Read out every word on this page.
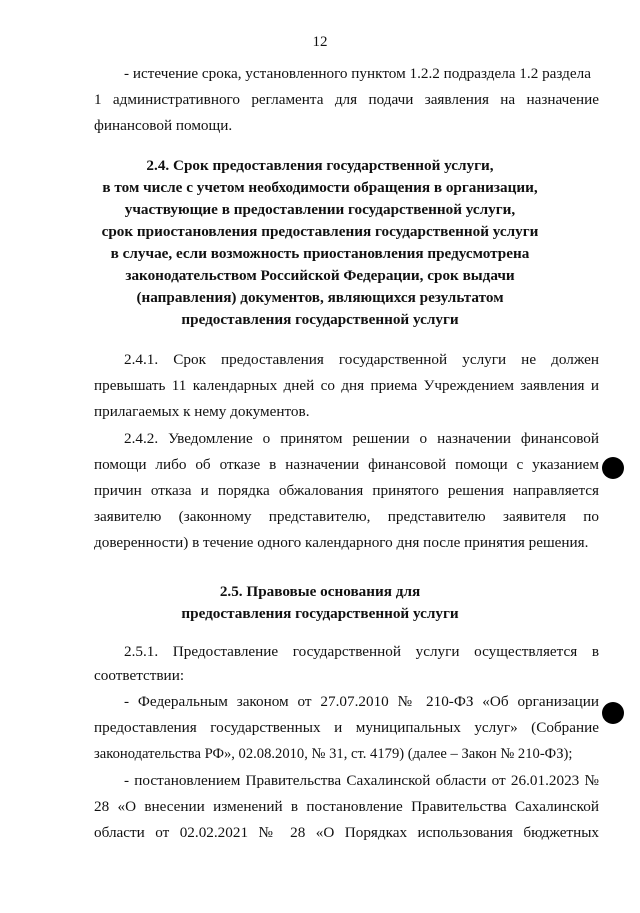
12
- истечение срока, установленного пунктом 1.2.2 подраздела 1.2 раздела
1 административного регламента для подачи заявления на назначение
финансовой помощи.
2.4. Срок предоставления государственной услуги,
в том числе с учетом необходимости обращения в организации,
участвующие в предоставлении государственной услуги,
срок приостановления предоставления государственной услуги
в случае, если возможность приостановления предусмотрена
законодательством Российской Федерации, срок выдачи
(направления) документов, являющихся результатом
предоставления государственной услуги
2.4.1. Срок предоставления государственной услуги не должен
превышать 11 календарных дней со дня приема Учреждением заявления и
прилагаемых к нему документов.
2.4.2. Уведомление о принятом решении о назначении финансовой
помощи либо об отказе в назначении финансовой помощи с указанием
причин отказа и порядка обжалования принятого решения направляется
заявителю (законному представителю, представителю заявителя по
доверенности) в течение одного календарного дня после принятия решения.
2.5. Правовые основания для
предоставления государственной услуги
2.5.1. Предоставление государственной услуги осуществляется в
соответствии:
- Федеральным законом от 27.07.2010 № 210-ФЗ «Об организации
предоставления государственных и муниципальных услуг» (Собрание
законодательства РФ», 02.08.2010, № 31, ст. 4179) (далее – Закон № 210-ФЗ);
- постановлением Правительства Сахалинской области от 26.01.2023 №
28 «О внесении изменений в постановление Правительства Сахалинской
области от 02.02.2021 № 28 «О Порядках использования бюджетных
